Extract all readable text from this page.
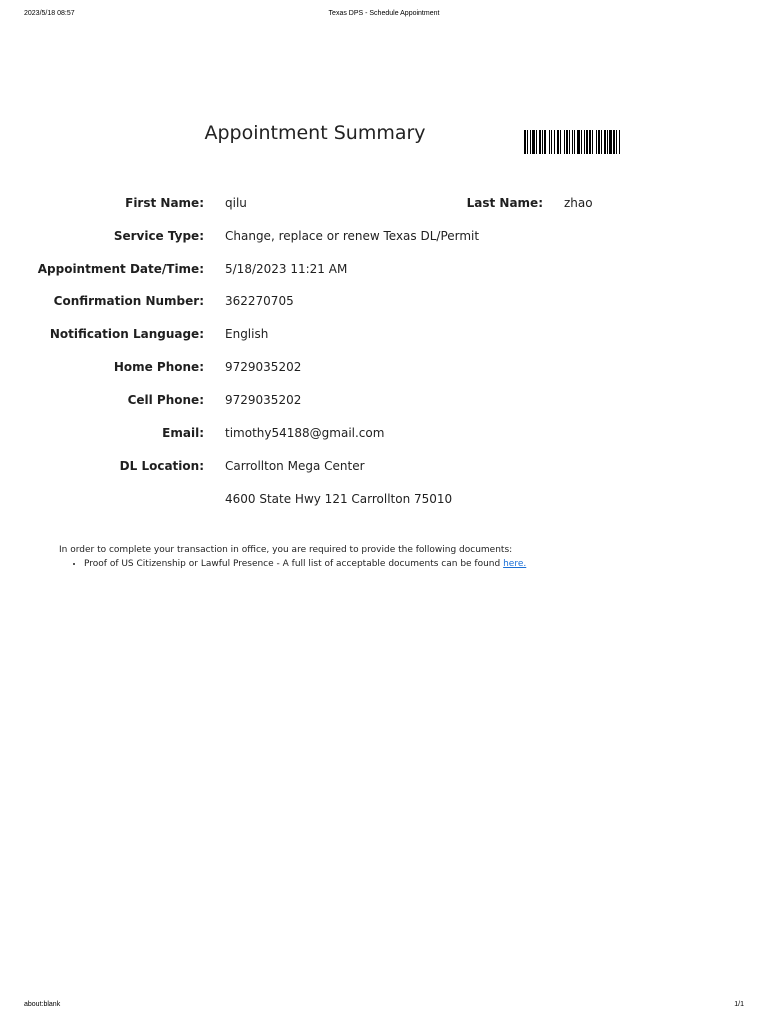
2023/5/18 08:57	Texas DPS - Schedule Appointment
Appointment Summary
First Name: qilu	Last Name: zhao
Service Type: Change, replace or renew Texas DL/Permit
Appointment Date/Time: 5/18/2023 11:21 AM
Confirmation Number: 362270705
Notification Language: English
Home Phone: 9729035202
Cell Phone: 9729035202
Email: timothy54188@gmail.com
DL Location: Carrollton Mega Center
4600 State Hwy 121 Carrollton 75010

In order to complete your transaction in office, you are required to provide the following documents:

• Proof of US Citizenship or Lawful Presence - A full list of acceptable documents can be found here.
about:blank	1/1
